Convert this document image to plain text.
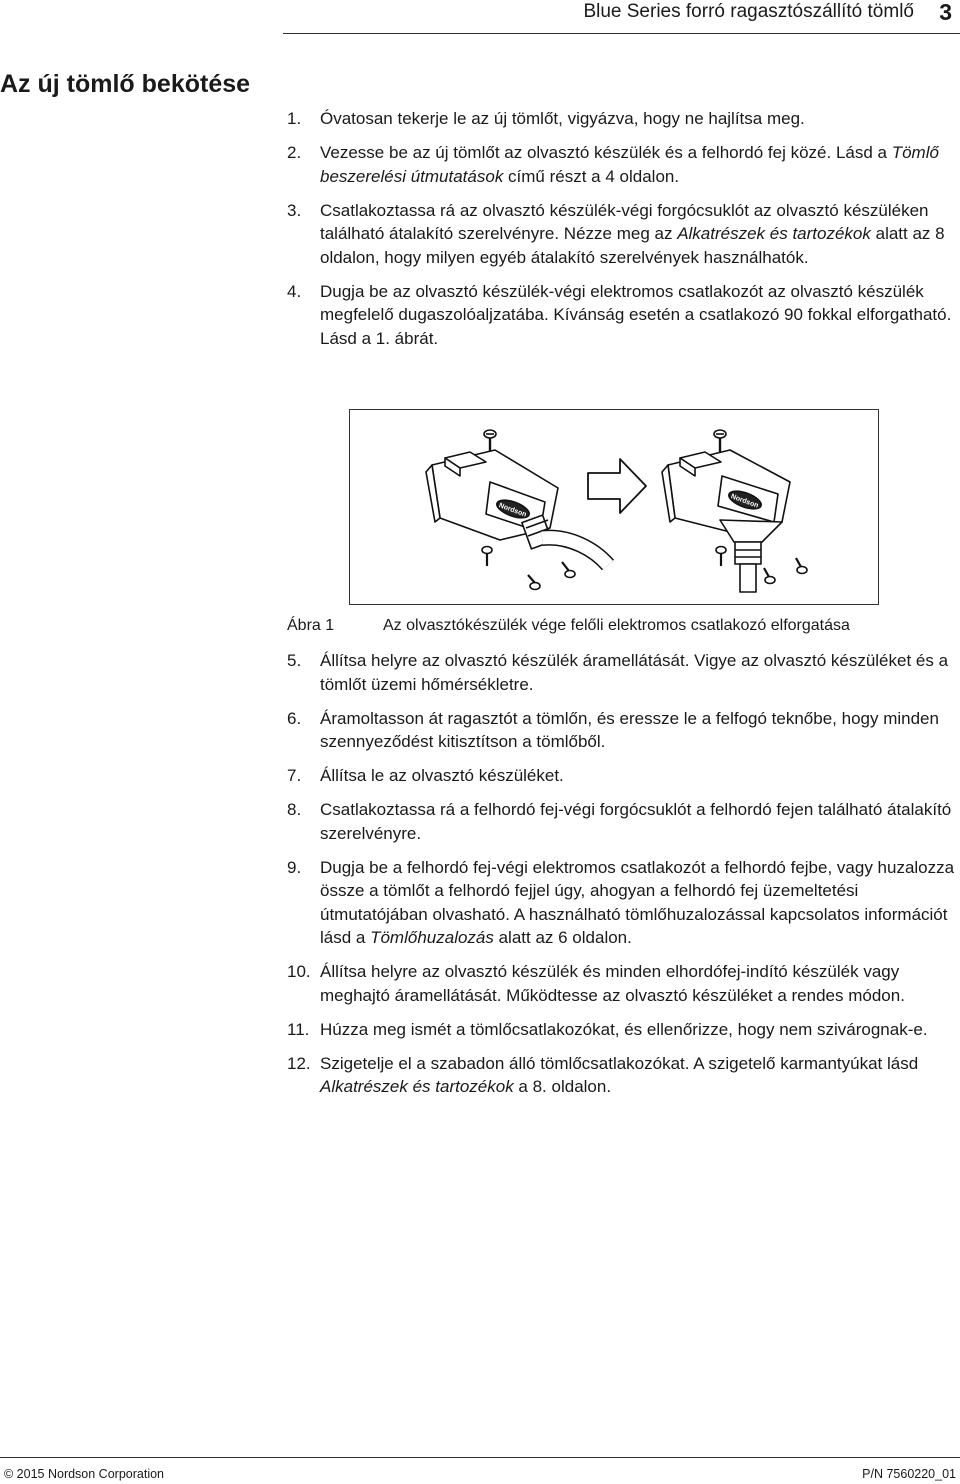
Blue Series forró ragasztószállító tömlő 3
Az új tömlő bekötése
1. Óvatosan tekerje le az új tömlőt, vigyázva, hogy ne hajlítsa meg.
2. Vezesse be az új tömlőt az olvasztó készülék és a felhordó fej közé. Lásd a Tömlő beszerelési útmutatások című részt a 4 oldalon.
3. Csatlakoztassa rá az olvasztó készülék-végi forgócsuklót az olvasztó készüléken található átalakító szerelvényre. Nézze meg az Alkatrészek és tartozékok alatt az 8 oldalon, hogy milyen egyéb átalakító szerelvények használhatók.
4. Dugja be az olvasztó készülék-végi elektromos csatlakozót az olvasztó készülék megfelelő dugaszolóaljzatába. Kívánság esetén a csatlakozó 90 fokkal elforgatható. Lásd a 1. ábrát.
Nordson
Nordson
Ábra 1	Az olvasztókészülék vége felőli elektromos csatlakozó elforgatása
5. Állítsa helyre az olvasztó készülék áramellátását. Vigye az olvasztó készüléket és a tömlőt üzemi hőmérsékletre.
6. Áramoltasson át ragasztót a tömlőn, és eressze le a felfogó teknőbe, hogy minden szennyeződést kitisztítson a tömlőből.
7. Állítsa le az olvasztó készüléket.
8. Csatlakoztassa rá a felhordó fej-végi forgócsuklót a felhordó fejen található átalakító szerelvényre.
9. Dugja be a felhordó fej-végi elektromos csatlakozót a felhordó fejbe, vagy huzalozza össze a tömlőt a felhordó fejjel úgy, ahogyan a felhordó fej üzemeltetési útmutatójában olvasható. A használható tömlőhuzalozással kapcsolatos információt lásd a Tömlőhuzalozás alatt az 6 oldalon.
10. Állítsa helyre az olvasztó készülék és minden elhordófej-indító készülék vagy meghajtó áramellátását. Működtesse az olvasztó készüléket a rendes módon.
11. Húzza meg ismét a tömlőcsatlakozókat, és ellenőrizze, hogy nem szivárognak-e.
12. Szigetelje el a szabadon álló tömlőcsatlakozókat. A szigetelő karmantyúkat lásd Alkatrészek és tartozékok a 8. oldalon.
© 2015 Nordson Corporation	P/N 7560220_01
